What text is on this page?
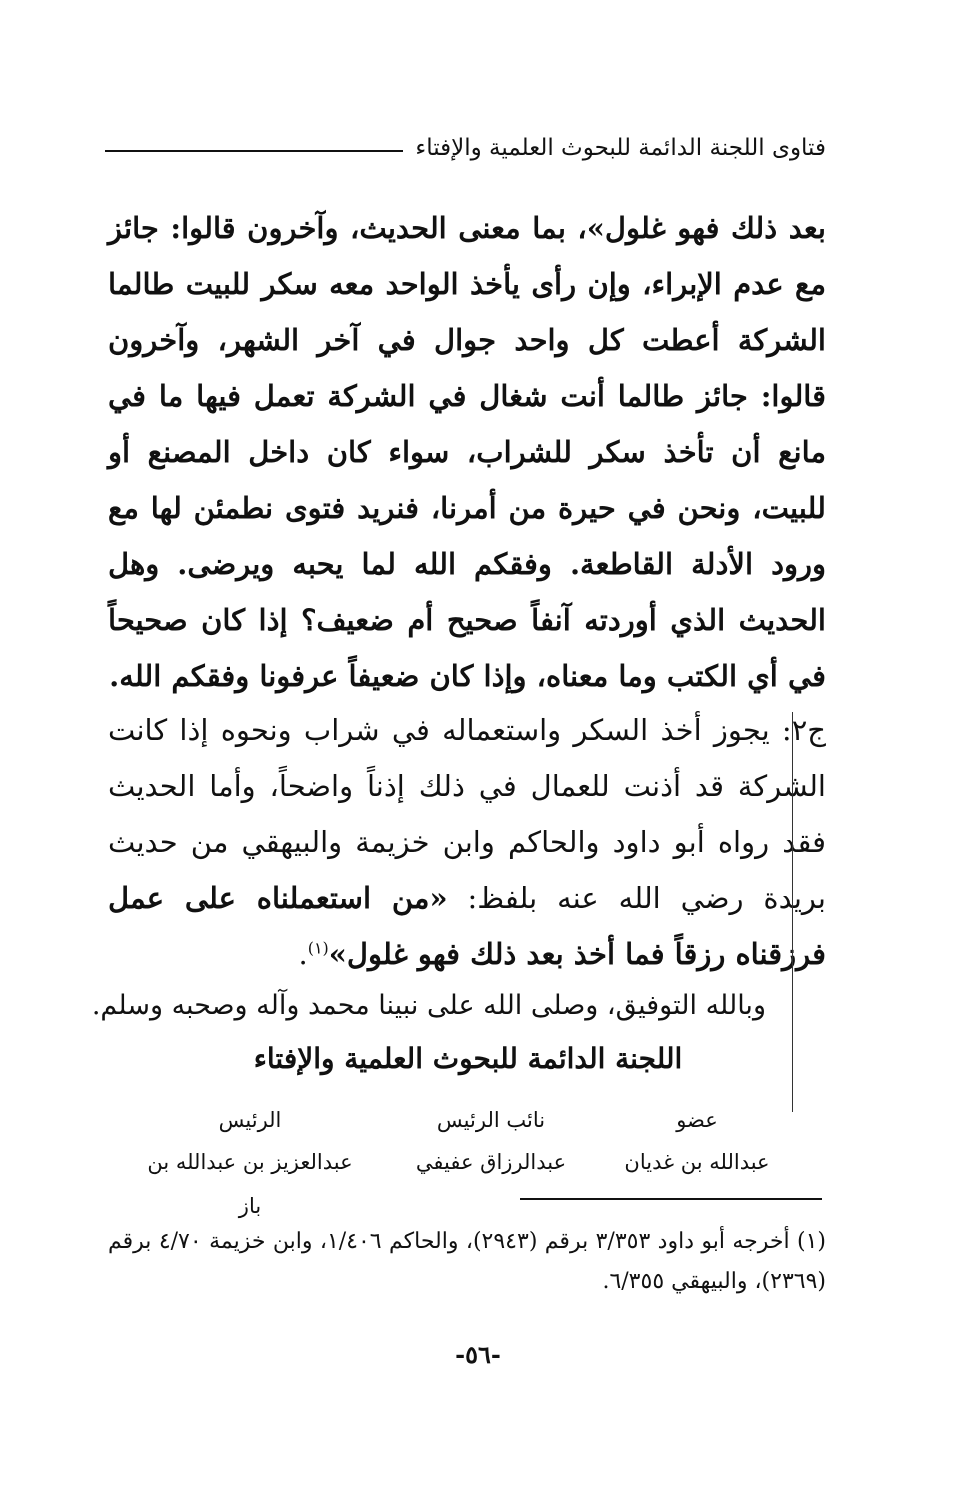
فتاوى اللجنة الدائمة للبحوث العلمية والإفتاء
بعد ذلك فهو غلول»، بما معنى الحديث، وآخرون قالوا: جائز مع عدم الإبراء، وإن رأى يأخذ الواحد معه سكر للبيت طالما الشركة أعطت كل واحد جوال في آخر الشهر، وآخرون قالوا: جائز طالما أنت شغال في الشركة تعمل فيها ما في مانع أن تأخذ سكر للشراب، سواء كان داخل المصنع أو للبيت، ونحن في حيرة من أمرنا، فنريد فتوى نطمئن لها مع ورود الأدلة القاطعة. وفقكم الله لما يحبه ويرضى. وهل الحديث الذي أوردته آنفاً صحيح أم ضعيف؟ إذا كان صحيحاً في أي الكتب وما معناه، وإذا كان ضعيفاً عرفونا وفقكم الله.
ج٢: يجوز أخذ السكر واستعماله في شراب ونحوه إذا كانت الشركة قد أذنت للعمال في ذلك إذناً واضحاً، وأما الحديث فقد رواه أبو داود والحاكم وابن خزيمة والبيهقي من حديث بريدة رضي الله عنه بلفظ: «من استعملناه على عمل فرزقناه رزقاً فما أخذ بعد ذلك فهو غلول»$^{(١)}$.
وبالله التوفيق، وصلى الله على نبينا محمد وآله وصحبه وسلم.
اللجنة الدائمة للبحوث العلمية والإفتاء
عضو
عبدالله بن غديان
نائب الرئيس
عبدالرزاق عفيفي
الرئيس
عبدالعزيز بن عبدالله بن باز
(١) أخرجه أبو داود ٣/٣٥٣ برقم (٢٩٤٣)، والحاكم ١/٤٠٦، وابن خزيمة ٤/٧٠ برقم (٢٣٦٩)، والبيهقي ٦/٣٥٥.
-٥٦-
